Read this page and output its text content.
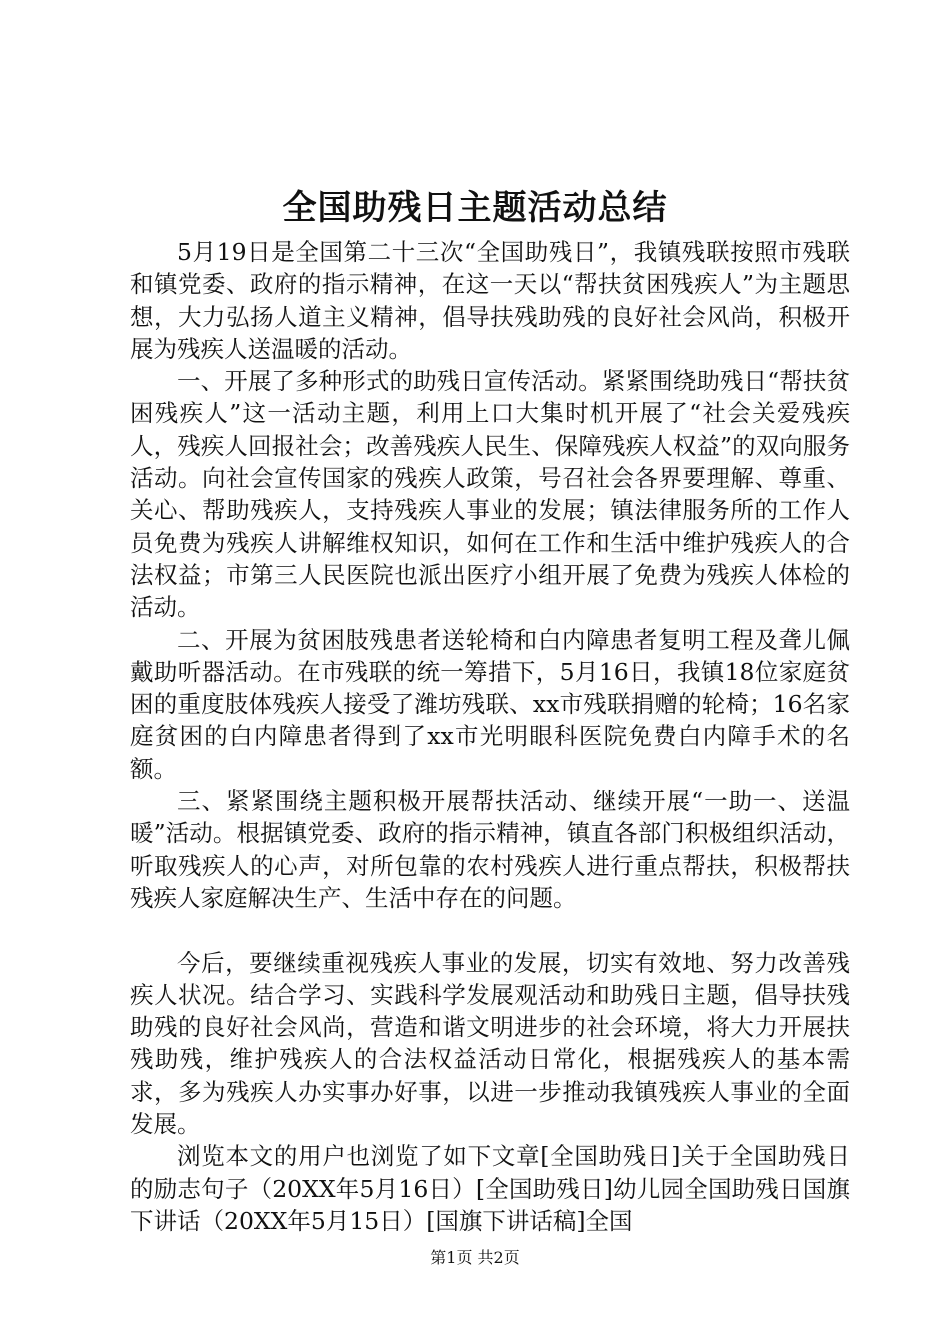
全国助残日主题活动总结

5月19日是全国第二十三次“全国助残日”，我镇残联按照市残联和镇党委、政府的指示精神，在这一天以“帮扶贫困残疾人”为主题思想，大力弘扬人道主义精神，倡导扶残助残的良好社会风尚，积极开展为残疾人送温暖的活动。

一、开展了多种形式的助残日宣传活动。紧紧围绕助残日“帮扶贫困残疾人”这一活动主题，利用上口大集时机开展了“社会关爱残疾人，残疾人回报社会；改善残疾人民生、保障残疾人权益”的双向服务活动。向社会宣传国家的残疾人政策，号召社会各界要理解、尊重、关心、帮助残疾人，支持残疾人事业的发展；镇法律服务所的工作人员免费为残疾人讲解维权知识，如何在工作和生活中维护残疾人的合法权益；市第三人民医院也派出医疗小组开展了免费为残疾人体检的活动。

二、开展为贫困肢残患者送轮椅和白内障患者复明工程及聋儿佩戴助听器活动。在市残联的统一筹措下，5月16日，我镇18位家庭贫困的重度肢体残疾人接受了潍坊残联、xx市残联捐赠的轮椅；16名家庭贫困的白内障患者得到了xx市光明眼科医院免费白内障手术的名额。

三、紧紧围绕主题积极开展帮扶活动、继续开展“一助一、送温暖”活动。根据镇党委、政府的指示精神，镇直各部门积极组织活动，听取残疾人的心声，对所包靠的农村残疾人进行重点帮扶，积极帮扶残疾人家庭解决生产、生活中存在的问题。

今后，要继续重视残疾人事业的发展，切实有效地、努力改善残疾人状况。结合学习、实践科学发展观活动和助残日主题，倡导扶残助残的良好社会风尚，营造和谐文明进步的社会环境，将大力开展扶残助残，维护残疾人的合法权益活动日常化，根据残疾人的基本需求，多为残疾人办实事办好事，以进一步推动我镇残疾人事业的全面发展。

浏览本文的用户也浏览了如下文章[全国助残日]关于全国助残日的励志句子（20XX年5月16日）[全国助残日]幼儿园全国助残日国旗下讲话（20XX年5月15日）[国旗下讲话稿]全国

第1页 共2页
